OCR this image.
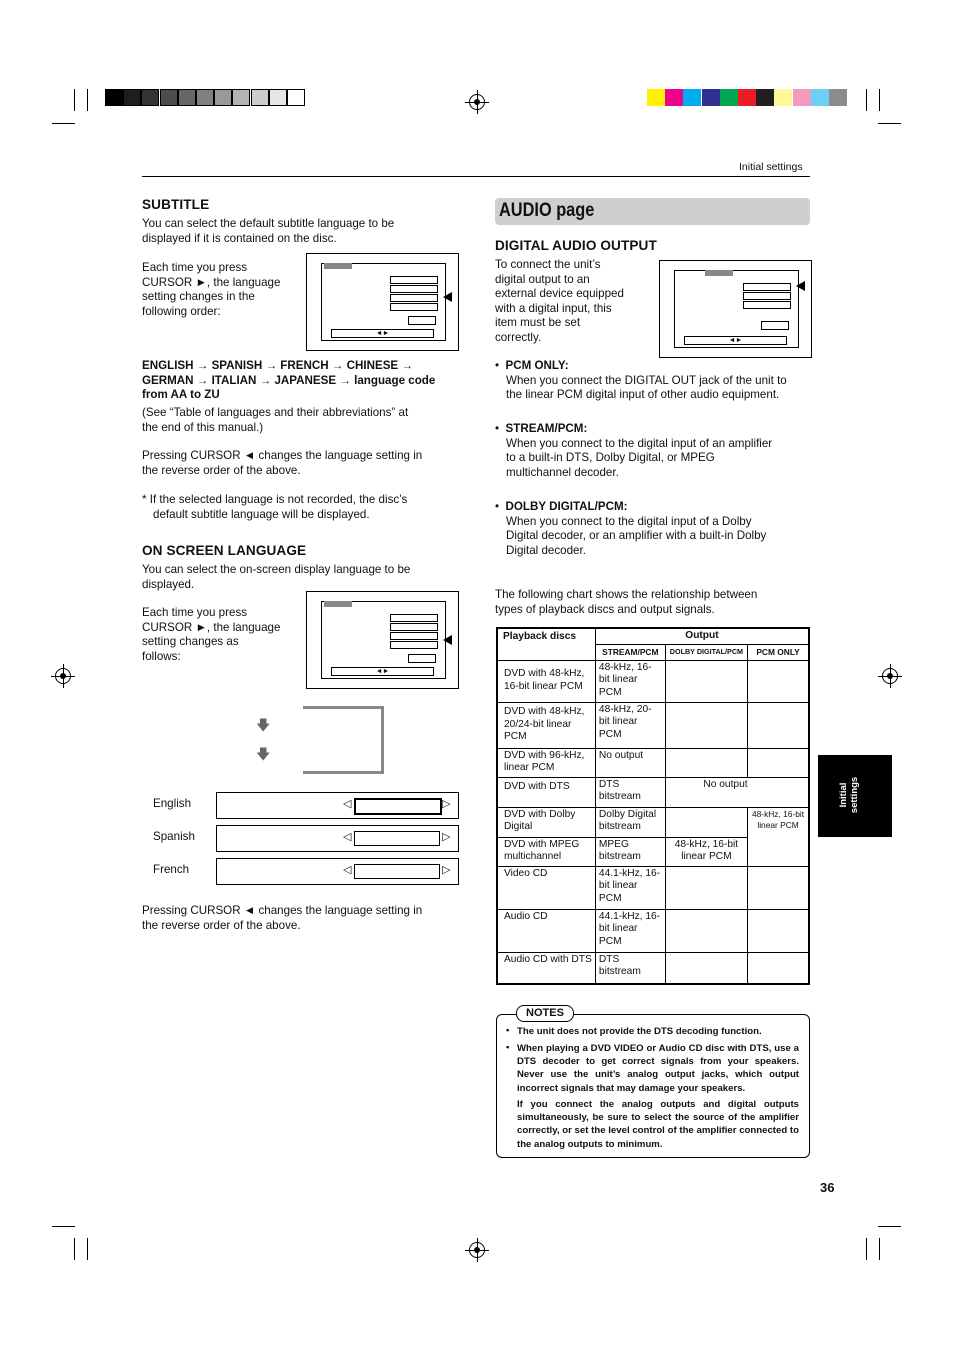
Initial settings
Initial settings
SUBTITLE
You can select the default subtitle language to be
displayed if it is contained on the disc.
Each time you press
CURSOR ►, the language
setting changes in the
following order:
◄►
ENGLISH → SPANISH → FRENCH → CHINESE →
GERMAN → ITALIAN → JAPANESE → language code
from AA to ZU
(See “Table of languages and their abbreviations” at
the end of this manual.)
Pressing CURSOR ◄ changes the language setting in
the reverse order of the above.
* If the selected language is not recorded, the disc’s
default subtitle language will be displayed.
ON SCREEN LANGUAGE
You can select the on-screen display language to be
displayed.
Each time you press
CURSOR ►, the language
setting changes as
follows:
◄►
🡇
🡇
English	◁	▷
Spanish	◁	▷
French	◁	▷
Pressing CURSOR ◄ changes the language setting in
the reverse order of the above.
AUDIO page
DIGITAL AUDIO OUTPUT
To connect the unit’s
digital output to an
external device equipped
with a digital input, this
item must be set
correctly.	◄►
•  PCM ONLY:
When you connect the DIGITAL OUT jack of the unit to
the linear PCM digital input of other audio equipment.
•  STREAM/PCM:
When you connect to the digital input of an amplifier
to a built-in DTS, Dolby Digital, or MPEG
multichannel decoder.
•  DOLBY DIGITAL/PCM:
When you connect to the digital input of a Dolby
Digital decoder, or an amplifier with a built-in Dolby
Digital decoder.
The following chart shows the relationship between
types of playback discs and output signals.
Playback discs	Output		
	STREAM/PCM	DOLBY DIGITAL/PCM	PCM ONLY
DVD with 48-kHz, 16-bit linear PCM	48-kHz, 16-bit linear PCM		
DVD with 48-kHz, 20/24-bit linear PCM	48-kHz, 20-bit linear PCM		
DVD with 96-kHz, linear PCM	No output		
DVD with DTS	DTS bitstream	No output	
DVD with Dolby Digital	Dolby Digital bitstream		48-kHz, 16-bit linear PCM
DVD with MPEG multichannel	MPEG bitstream	48-kHz, 16-bit linear PCM	
Video CD	44.1-kHz, 16-bit linear PCM		
Audio CD	44.1-kHz, 16-bit linear PCM		
Audio CD with DTS	DTS bitstream		
NOTES
• The unit does not provide the DTS decoding function.
• When playing a DVD VIDEO or Audio CD disc with DTS, use a DTS decoder to get correct signals from your speakers. Never use the unit’s analog output jacks, which output incorrect signals that may damage your speakers.
If you connect the analog outputs and digital outputs simultaneously, be sure to select the source of the amplifier correctly, or set the level control of the amplifier connected to the analog outputs to minimum.
36
